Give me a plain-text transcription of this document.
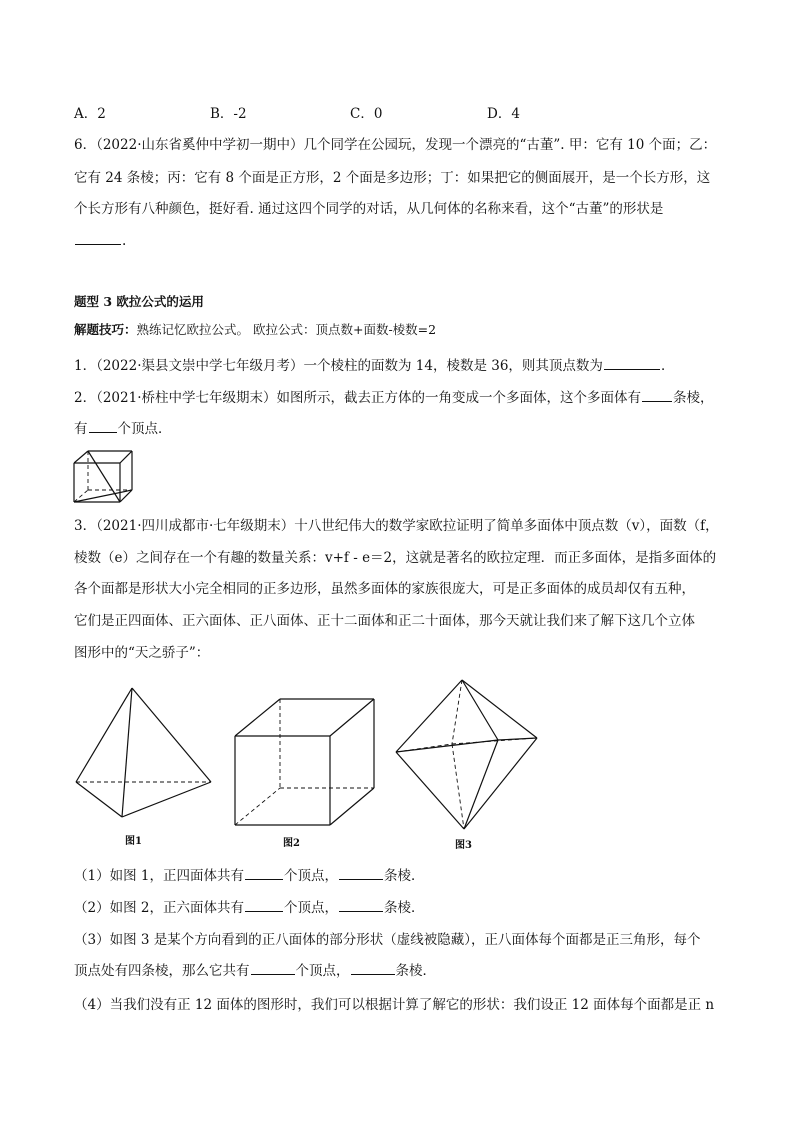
A．2	B．-2	C．0	D．4
6．（2022·山东省奚仲中学初一期中）几个同学在公园玩，发现一个漂亮的“古董”. 甲：它有 10 个面；乙：
它有 24 条棱；丙：它有 8 个面是正方形，2 个面是多边形；丁：如果把它的侧面展开，是一个长方形，这
个长方形有八种颜色，挺好看. 通过这四个同学的对话，从几何体的名称来看，这个“古董”的形状是
.
题型 3 欧拉公式的运用
解题技巧：熟练记忆欧拉公式。 欧拉公式：顶点数+面数-棱数=2
1．（2022·渠县文崇中学七年级月考）一个棱柱的面数为 14，棱数是 36，则其顶点数为	．
2．（2021·桥柱中学七年级期末）如图所示，截去正方体的一角变成一个多面体，这个多面体有 条棱，
有 个顶点．
3．（2021·四川成都市·七年级期末）十八世纪伟大的数学家欧拉证明了简单多面体中顶点数（v），面数（f，
棱数（e）之间存在一个有趣的数量关系：v+f - e＝2，这就是著名的欧拉定理．而正多面体，是指多面体的
各个面都是形状大小完全相同的正多边形，虽然多面体的家族很庞大，可是正多面体的成员却仅有五种，
它们是正四面体、正六面体、正八面体、正十二面体和正二十面体，那今天就让我们来了解下这几个立体
图形中的“天之骄子”：
图1	图2	图3
（1）如图 1，正四面体共有	个顶点，	条棱．
（2）如图 2，正六面体共有	个顶点，	条棱．
（3）如图 3 是某个方向看到的正八面体的部分形状（虚线被隐藏），正八面体每个面都是正三角形，每个
顶点处有四条棱，那么它共有	个顶点，	条棱．
（4）当我们没有正 12 面体的图形时，我们可以根据计算了解它的形状：我们设正 12 面体每个面都是正 n
